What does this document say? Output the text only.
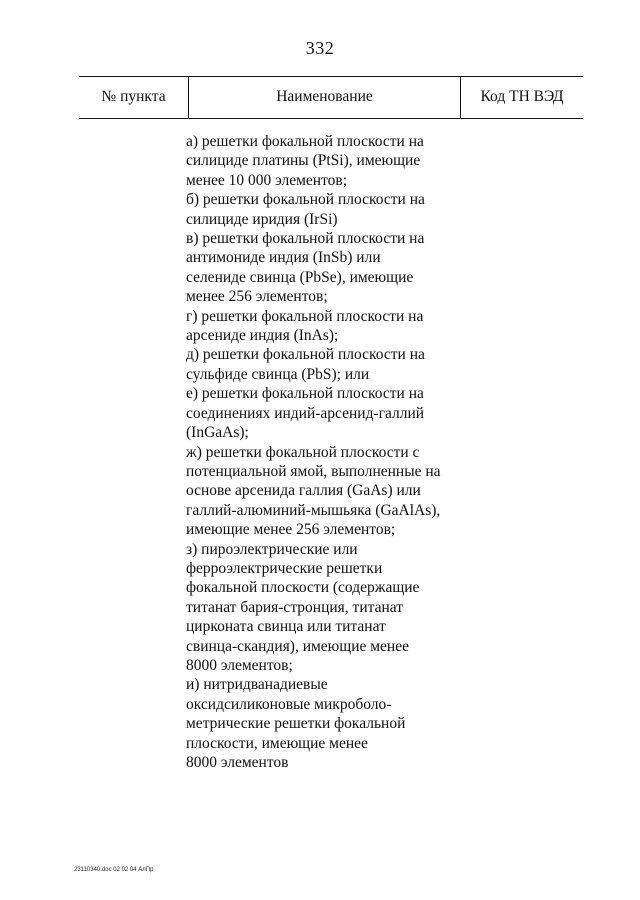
332
№ пункта	Наименование	Код ТН ВЭД
а) решетки фокальной плоскости на
силициде платины (PtSi), имеющие
менее 10 000 элементов;
б) решетки фокальной плоскости на
силициде иридия (IrSi)
в) решетки фокальной плоскости на
антимониде индия (InSb) или
селениде свинца (PbSe), имеющие
менее 256 элементов;
г) решетки фокальной плоскости на
арсениде индия (InAs);
д) решетки фокальной плоскости на
сульфиде свинца (PbS); или
е) решетки фокальной плоскости на
соединениях индий-арсенид-галлий
(InGaAs);
ж) решетки фокальной плоскости с
потенциальной ямой, выполненные на
основе арсенида галлия (GaAs) или
галлий-алюминий-мышьяка (GaAlAs),
имеющие менее 256 элементов;
з) пироэлектрические или
ферроэлектрические решетки
фокальной плоскости (содержащие
титанат бария-стронция, титанат
цирконата свинца или титанат
свинца-скандия), имеющие менее
8000 элементов;
и) нитридванадиевые
оксидсиликоновые микроболо-
метрические решетки фокальной
плоскости, имеющие менее
8000 элементов
23110340.doc 02 02 04 АлПр
